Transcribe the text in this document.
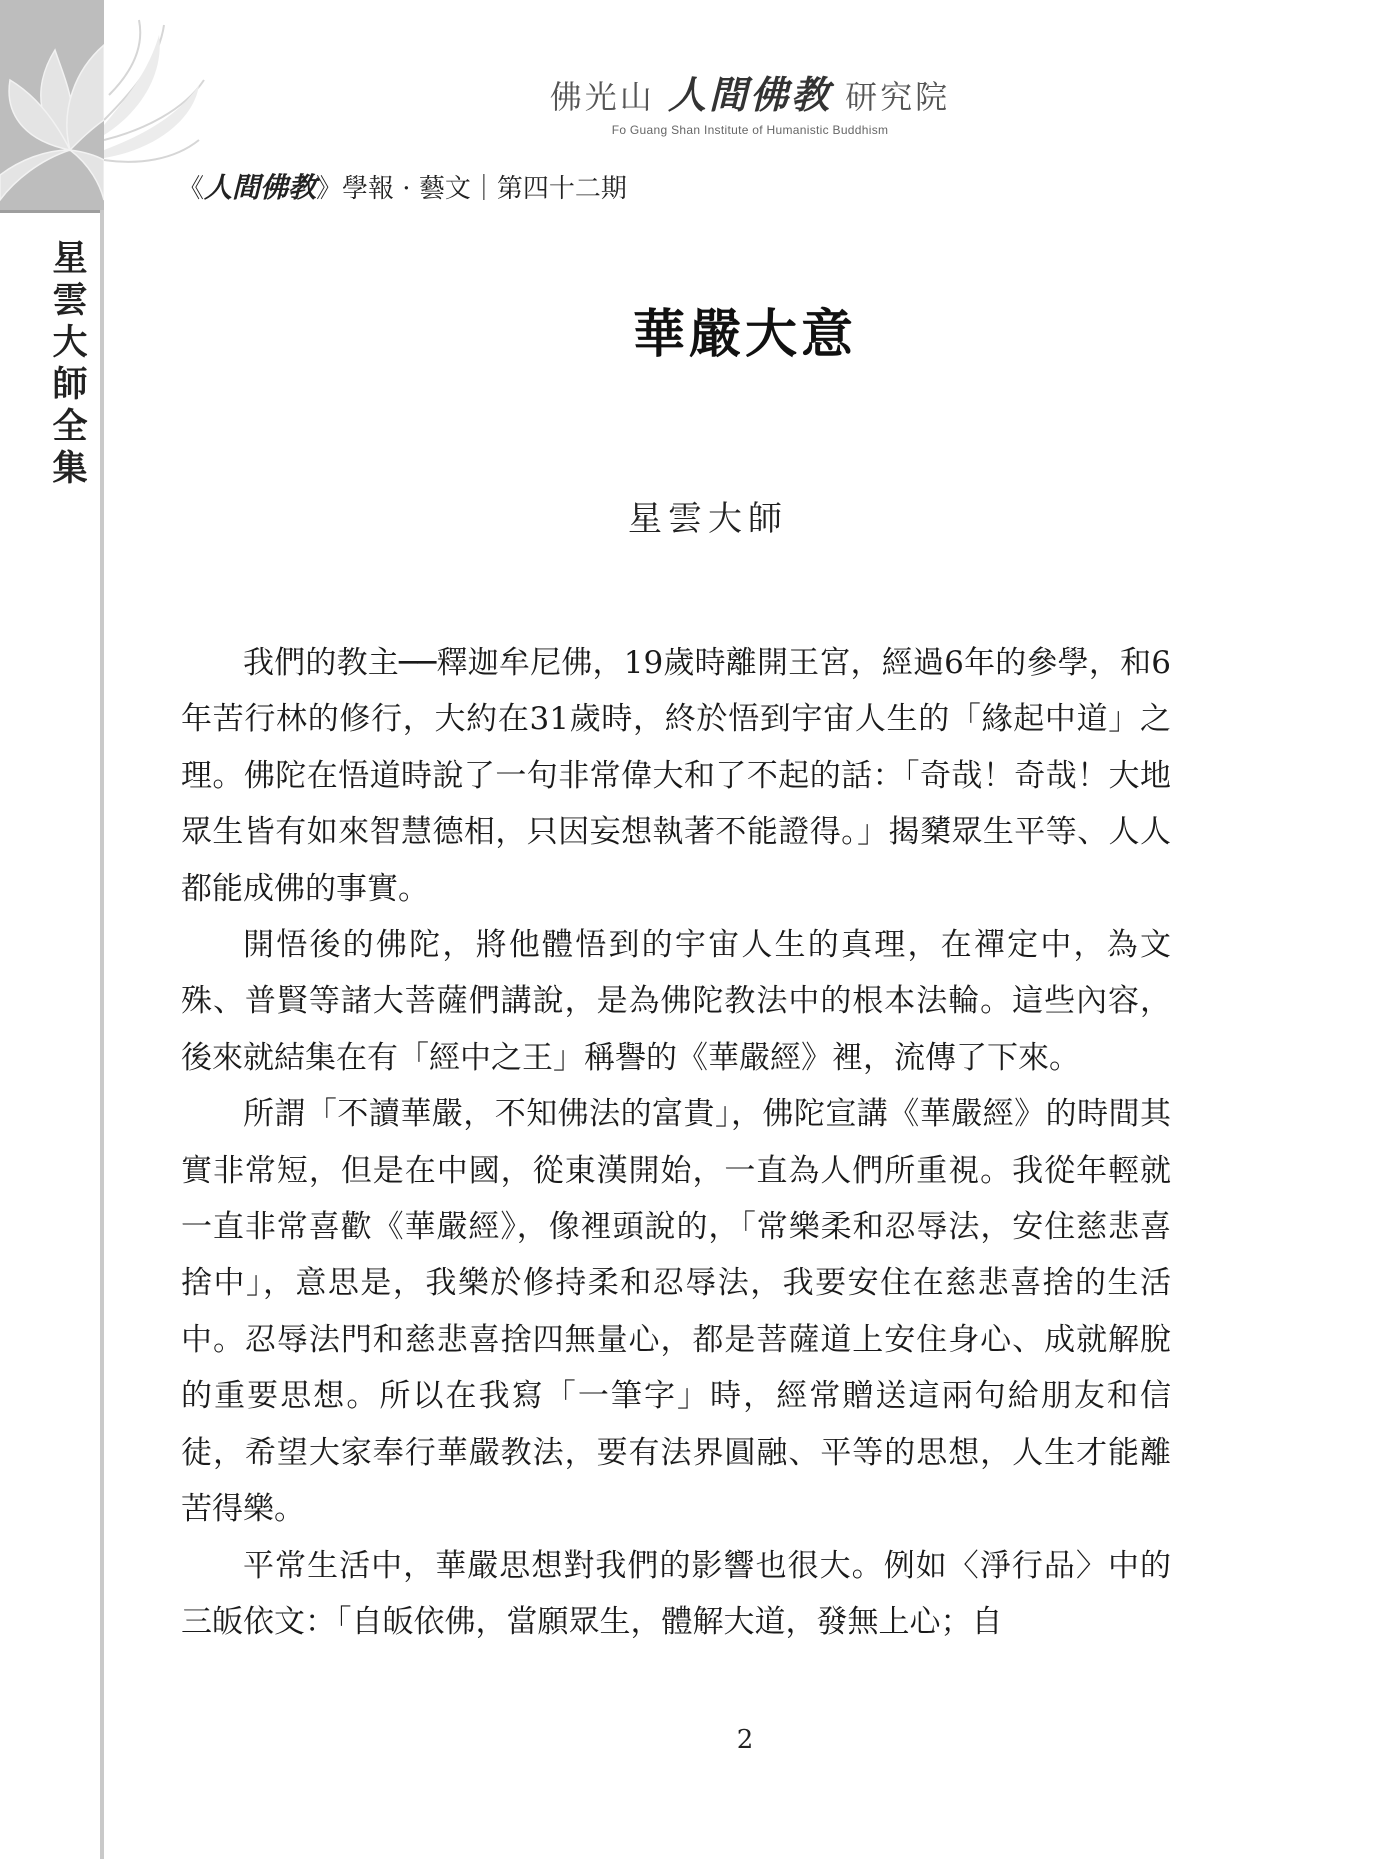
星雲大師全集
佛光山 人間佛教 研究院
Fo Guang Shan Institute of Humanistic Buddhism
《人間佛教》學報 · 藝文｜第四十二期
華嚴大意
星雲大師

我們的教主──釋迦牟尼佛，19歲時離開王宮，經過6年的參學，和6年苦行林的修行，大約在31歲時，終於悟到宇宙人生的「緣起中道」之理。佛陀在悟道時說了一句非常偉大和了不起的話：「奇哉！奇哉！大地眾生皆有如來智慧德相，只因妄想執著不能證得。」揭櫫眾生平等、人人都能成佛的事實。

開悟後的佛陀，將他體悟到的宇宙人生的真理，在禪定中，為文殊、普賢等諸大菩薩們講說，是為佛陀教法中的根本法輪。這些內容，後來就結集在有「經中之王」稱譽的《華嚴經》裡，流傳了下來。

所謂「不讀華嚴，不知佛法的富貴」，佛陀宣講《華嚴經》的時間其實非常短，但是在中國，從東漢開始，一直為人們所重視。我從年輕就一直非常喜歡《華嚴經》，像裡頭說的，「常樂柔和忍辱法，安住慈悲喜捨中」，意思是，我樂於修持柔和忍辱法，我要安住在慈悲喜捨的生活中。忍辱法門和慈悲喜捨四無量心，都是菩薩道上安住身心、成就解脫的重要思想。所以在我寫「一筆字」時，經常贈送這兩句給朋友和信徒，希望大家奉行華嚴教法，要有法界圓融、平等的思想，人生才能離苦得樂。

平常生活中，華嚴思想對我們的影響也很大。例如〈淨行品〉中的三皈依文：「自皈依佛，當願眾生，體解大道，發無上心；自

2
